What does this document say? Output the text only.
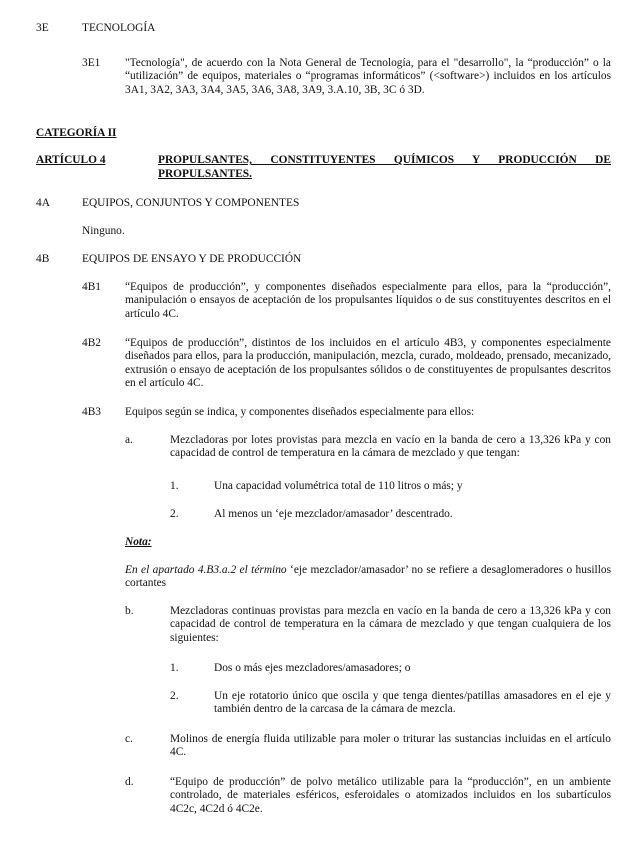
3E	TECNOLOGÍA
3E1 "Tecnología", de acuerdo con la Nota General de Tecnología, para el "desarrollo", la “producción” o la “utilización” de equipos, materiales o “programas informáticos” (<software>) incluidos en los artículos 3A1, 3A2, 3A3, 3A4, 3A5, 3A6, 3A8, 3A9, 3.A.10, 3B, 3C ó 3D.

CATEGORÍA II
ARTÍCULO 4	PROPULSANTES, CONSTITUYENTES QUÍMICOS Y PRODUCCIÓN DE
PROPULSANTES.
4A	EQUIPOS, CONJUNTOS Y COMPONENTES
Ninguno.
4B	EQUIPOS DE ENSAYO Y DE PRODUCCIÓN
4B1 “Equipos de producción”, y componentes diseñados especialmente para ellos, para la “producción”, manipulación o ensayos de aceptación de los propulsantes líquidos o de sus constituyentes descritos en el artículo 4C.

4B2 “Equipos de producción”, distintos de los incluidos en el artículo 4B3, y componentes especialmente diseñados para ellos, para la producción, manipulación, mezcla, curado, moldeado, prensado, mecanizado, extrusión o ensayo de aceptación de los propulsantes sólidos o de constituyentes de propulsantes descritos en el artículo 4C.

4B3 Equipos según se indica, y componentes diseñados especialmente para ellos:

a.	Mezcladoras por lotes provistas para mezcla en vacío en la banda de cero a 13,326 kPa y con capacidad de control de temperatura en la cámara de mezclado y que tengan:

1.	Una capacidad volumétrica total de 110 litros o más; y

2.	Al menos un ‘eje mezclador/amasador’ descentrado.

Nota:

En el apartado 4.B3.a.2 el término ‘eje mezclador/amasador’ no se refiere a desaglomeradores o husillos cortantes

b.	Mezcladoras continuas provistas para mezcla en vacío en la banda de cero a 13,326 kPa y con capacidad de control de temperatura en la cámara de mezclado y que tengan cualquiera de los siguientes:

1.	Dos o más ejes mezcladores/amasadores; o

2.	Un eje rotatorio único que oscila y que tenga dientes/patillas amasadores en el eje y también dentro de la carcasa de la cámara de mezcla.

c.	Molinos de energía fluida utilizable para moler o triturar las sustancias incluidas en el artículo 4C.

d.	“Equipo de producción” de polvo metálico utilizable para la “producción”, en un ambiente controlado, de materiales esféricos, esferoidales o atomizados incluidos en los subartículos 4C2c, 4C2d ó 4C2e.
